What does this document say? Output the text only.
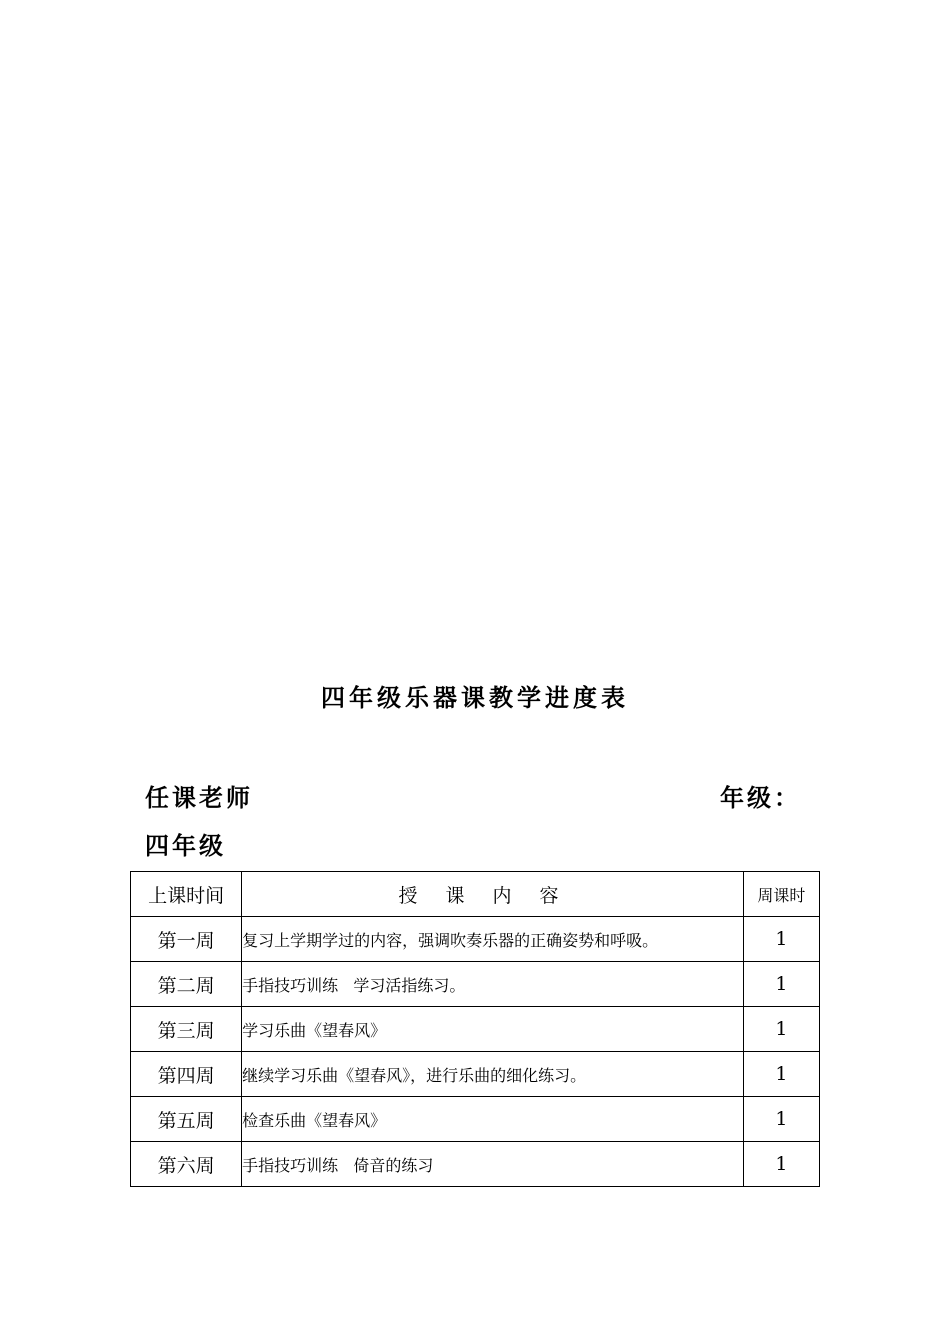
四年级乐器课教学进度表
任课老师	年级：
四年级
上课时间	授课内容	周课时
第一周	复习上学期学过的内容，强调吹奏乐器的正确姿势和呼吸。	1
第二周	手指技巧训练   学习活指练习。	1
第三周	学习乐曲《望春风》	1
第四周	继续学习乐曲《望春风》，进行乐曲的细化练习。	1
第五周	检查乐曲《望春风》	1
第六周	手指技巧训练   倚音的练习	1
